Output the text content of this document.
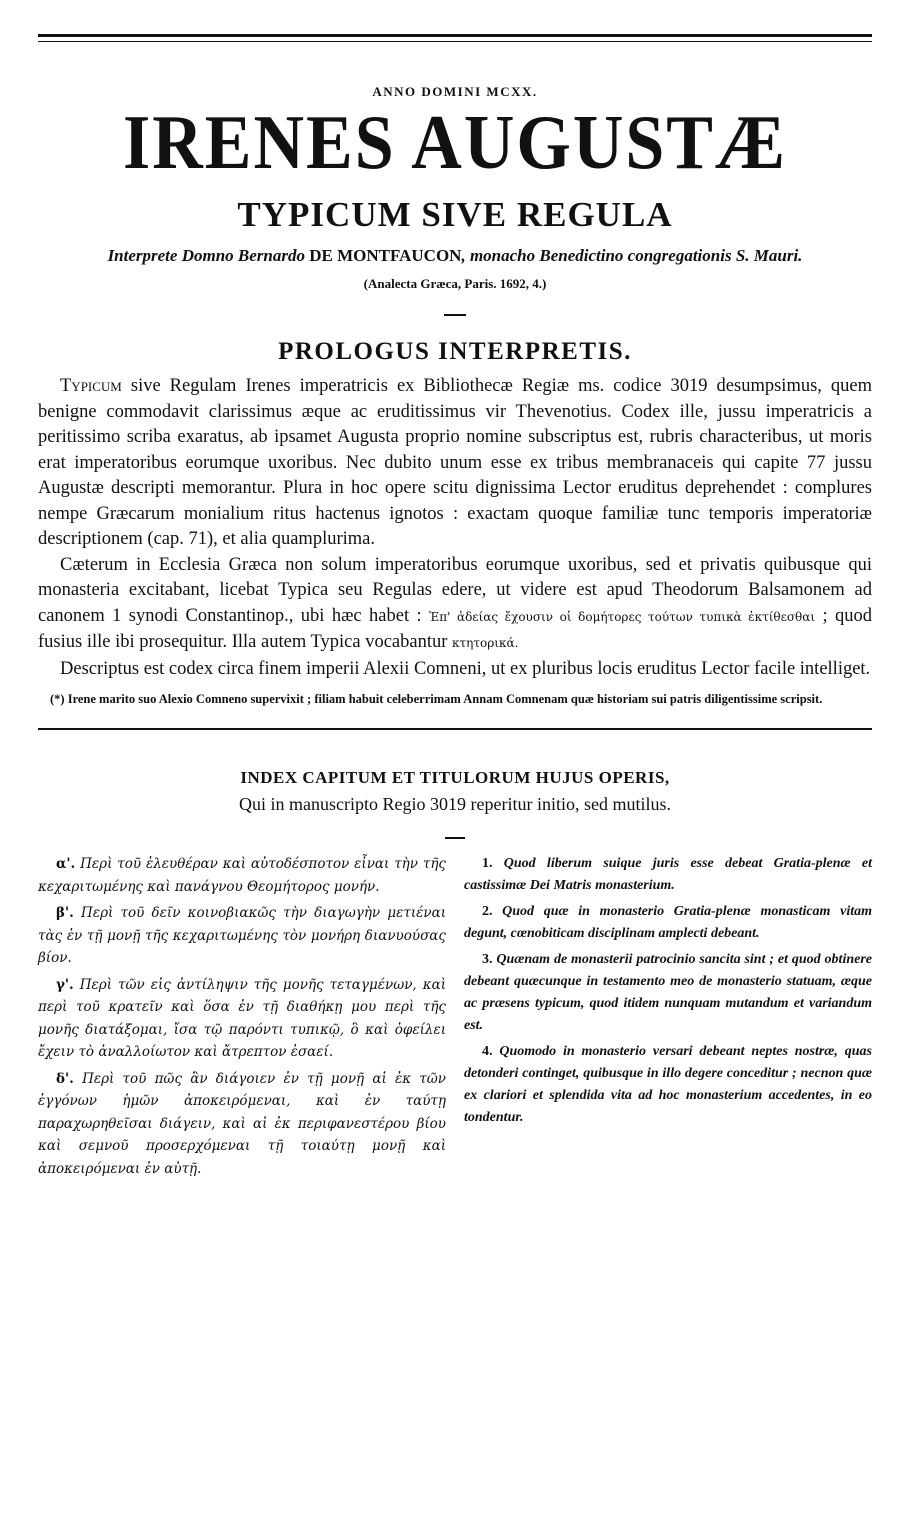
ANNO DOMINI MCXX.
IRENES AUGUSTÆ
TYPICUM SIVE REGULA
Interprete Domno Bernardo DE MONTFAUCON, monacho Benedictino congregationis S. Mauri.
(Analecta Græca, Paris. 1692, 4.)
PROLOGUS INTERPRETIS.

Typicum sive Regulam Irenes imperatricis ex Bibliothecæ Regiæ ms. codice 3019 desumpsimus, quem benigne commodavit clarissimus æque ac eruditissimus vir Thevenotius. Codex ille, jussu imperatricis a peritissimo scriba exaratus, ab ipsamet Augusta proprio nomine subscriptus est, rubris characteribus, ut moris erat imperatoribus eorumque uxoribus. Nec dubito unum esse ex tribus membranaceis qui capite 77 jussu Augustæ descripti memorantur. Plura in hoc opere scitu dignissima Lector eruditus deprehendet : complures nempe Græcarum monialium ritus hactenus ignotos : exactam quoque familiæ tunc temporis imperatoriæ descriptionem (cap. 71), et alia quamplurima.

Cæterum in Ecclesia Græca non solum imperatoribus eorumque uxoribus, sed et privatis quibusque qui monasteria excitabant, licebat Typica seu Regulas edere, ut videre est apud Theodorum Balsamonem ad canonem 1 synodi Constantinop., ubi hæc habet : Ἐπ' ἀδείας ἔχουσιν οἱ δομήτορες τούτων τυπικὰ ἐκτίθεσθαι ; quod fusius ille ibi prosequitur. Illa autem Typica vocabantur κτητορικά.

Descriptus est codex circa finem imperii Alexii Comneni, ut ex pluribus locis eruditus Lector facile intelliget.

(*) Irene marito suo Alexio Comneno supervixit ; filiam habuit celeberrimam Annam Comnenam quæ historiam sui patris diligentissime scripsit.
INDEX CAPITUM ET TITULORUM HUJUS OPERIS,
Qui in manuscripto Regio 3019 reperitur initio, sed mutilus.

α'. Περὶ τοῦ ἐλευθέραν καὶ αὐτοδέσποτον εἶναι τὴν τῆς κεχαριτωμένης καὶ πανάγνου Θεομήτορος μονήν.

β'. Περὶ τοῦ δεῖν κοινοβιακῶς τὴν διαγωγὴν μετιέναι τὰς ἐν τῇ μονῇ τῆς κεχαριτωμένης τὸν μονήρη διανυούσας βίον.

γ'. Περὶ τῶν εἰς ἀντίληψιν τῆς μονῆς τεταγμένων, καὶ περὶ τοῦ κρατεῖν καὶ ὅσα ἐν τῇ διαθήκῃ μου περὶ τῆς μονῆς διατάξομαι, ἴσα τῷ παρόντι τυπικῷ, ὃ καὶ ὀφείλει ἔχειν τὸ ἀναλλοίωτον καὶ ἄτρεπτον ἐσαεί.

δ'. Περὶ τοῦ πῶς ἂν διάγοιεν ἐν τῇ μονῇ αἱ ἐκ τῶν ἐγγόνων ἡμῶν ἀποκειρόμεναι, καὶ ἐν ταύτῃ παραχωρηθεῖσαι διάγειν, καὶ αἱ ἐκ περιφανεστέρου βίου καὶ σεμνοῦ προσερχόμεναι τῇ τοιαύτῃ μονῇ καὶ ἀποκειρόμεναι ἐν αὐτῇ.

1. Quod liberum suique juris esse debeat Gratia-plenæ et castissimæ Dei Matris monasterium.

2. Quod quæ in monasterio Gratia-plenæ monasticam vitam degunt, cœnobiticam disciplinam amplecti debeant.

3. Quænam de monasterii patrocinio sancita sint ; et quod obtinere debeant quæcunque in testamento meo de monasterio statuam, æque ac præsens typicum, quod itidem nunquam mutandum et variandum est.

4. Quomodo in monasterio versari debeant neptes nostræ, quas detonderi continget, quibusque in illo degere conceditur ; necnon quæ ex clariori et splendida vita ad hoc monasterium accedentes, in eo tondentur.
